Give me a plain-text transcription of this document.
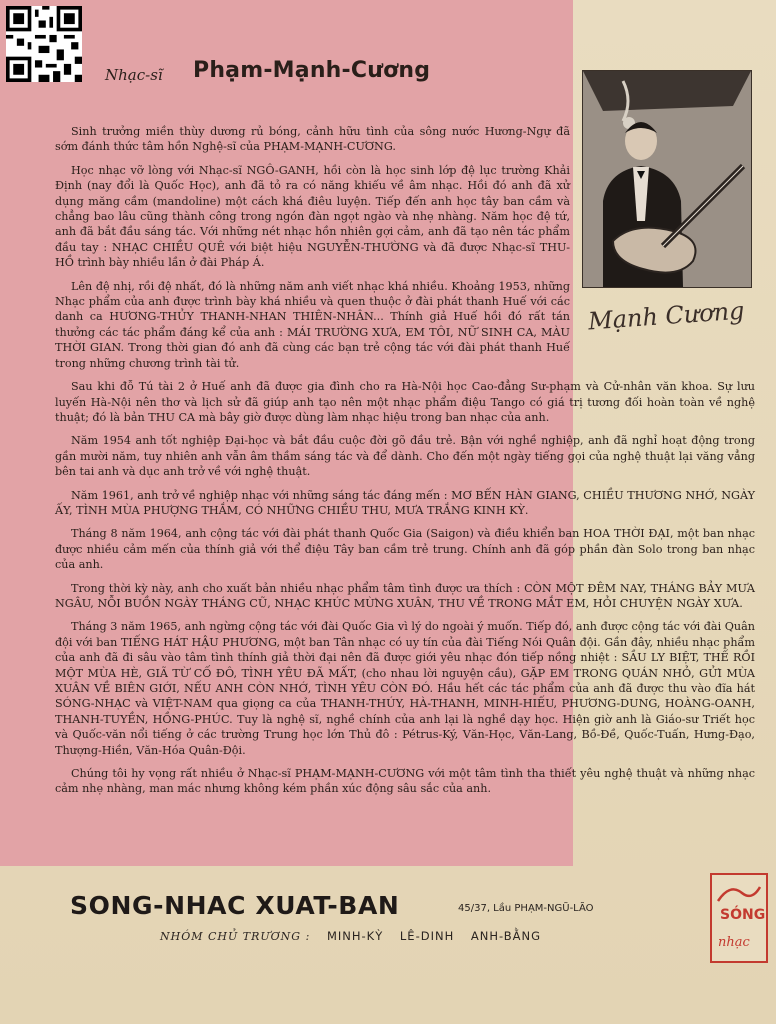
Nhạc-sĩ Phạm-Mạnh-Cương
Mạnh Cương

Sinh trưởng miền thùy dương rủ bóng, cảnh hữu tình của sông nước Hương-Ngự đã sớm đánh thức tâm hồn Nghệ-sĩ của PHẠM-MẠNH-CƯƠNG.

Học nhạc vỡ lòng với Nhạc-sĩ NGÔ-GANH, hồi còn là học sinh lớp đệ lục trường Khải Định (nay đổi là Quốc Học), anh đã tỏ ra có năng khiếu về âm nhạc. Hồi đó anh đã xử dụng măng cầm (mandoline) một cách khá điêu luyện. Tiếp đến anh học tây ban cầm và chẳng bao lâu cũng thành công trong ngón đàn ngọt ngào và nhẹ nhàng. Năm học đệ tứ, anh đã bắt đầu sáng tác. Với những nét nhạc hồn nhiên gợi cảm, anh đã tạo nên tác phẩm đầu tay : NHẠC CHIỀU QUÊ với biệt hiệu NGUYỄN-THƯỜNG và đã được Nhạc-sĩ THU-HỒ trình bày nhiều lần ở đài Pháp Á.

Lên đệ nhị, rồi đệ nhất, đó là những năm anh viết nhạc khá nhiều. Khoảng 1953, những Nhạc phẩm của anh được trình bày khá nhiều và quen thuộc ở đài phát thanh Huế với các danh ca HƯƠNG-THỦY THANH-NHAN THIÊN-NHÂN... Thính giả Huế hồi đó rất tán thưởng các tác phẩm đáng kể của anh : MÁI TRƯỜNG XƯA, EM TÔI, NỮ SINH CA, MÀU THỜI GIAN. Trong thời gian đó anh đã cùng các bạn trẻ cộng tác với đài phát thanh Huế trong những chương trình tài tử.

Sau khi đỗ Tú tài 2 ở Huế anh đã được gia đình cho ra Hà-Nội học Cao-đẳng Sư-phạm và Cử-nhân văn khoa. Sự lưu luyến Hà-Nội nên thơ và lịch sử đã giúp anh tạo nên một nhạc phẩm điệu Tango có giá trị tương đối hoàn toàn về nghệ thuật; đó là bản THU CA mà bây giờ được dùng làm nhạc hiệu trong ban nhạc của anh.

Năm 1954 anh tốt nghiệp Đại-học và bắt đầu cuộc đời gõ đầu trẻ. Bận với nghề nghiệp, anh đã nghỉ hoạt động trong gần mười năm, tuy nhiên anh vẫn âm thầm sáng tác và để dành. Cho đến một ngày tiếng gọi của nghệ thuật lại văng vẳng bên tai anh và dục anh trở về với nghệ thuật.

Năm 1961, anh trở về nghiệp nhạc với những sáng tác đáng mến : MƠ BẾN HÀN GIANG, CHIỀU THƯƠNG NHỚ, NGÀY ẤY, TÌNH MÙA PHƯỢNG THẮM, CÓ NHỮNG CHIỀU THU, MƯA TRẮNG KINH KỲ.

Tháng 8 năm 1964, anh cộng tác với đài phát thanh Quốc Gia (Saigon) và điều khiển ban HOA THỜI ĐẠI, một ban nhạc được nhiều cảm mến của thính giả với thể điệu Tây ban cầm trẻ trung. Chính anh đã góp phần đàn Solo trong ban nhạc của anh.

Trong thời kỳ này, anh cho xuất bản nhiều nhạc phẩm tâm tình được ưa thích : CÒN MỘT ĐÊM NAY, THÁNG BẢY MƯA NGÂU, NỖI BUỒN NGÀY THÁNG CŨ, NHẠC KHÚC MỪNG XUÂN, THU VỀ TRONG MẮT EM, HỎI CHUYỆN NGÀY XƯA.

Tháng 3 năm 1965, anh ngừng cộng tác với đài Quốc Gia vì lý do ngoài ý muốn. Tiếp đó, anh được cộng tác với đài Quân đội với ban TIẾNG HÁT HẬU PHƯƠNG, một ban Tân nhạc có uy tín của đài Tiếng Nói Quân đội. Gần đây, nhiều nhạc phẩm của anh đã đi sâu vào tâm tình thính giả thời đại nên đã được giới yêu nhạc đón tiếp nồng nhiệt : SẦU LY BIỆT, THẾ RỒI MỘT MÙA HÈ, GIÃ TỪ CỐ ĐÔ, TÌNH YÊU ĐÃ MẤT, (cho nhau lời nguyện cầu), GẶP EM TRONG QUÁN NHỎ, GỬI MÙA XUÂN VỀ BIÊN GIỚI, NẾU ANH CÒN NHỚ, TÌNH YÊU CÒN ĐÓ. Hầu hết các tác phẩm của anh đã được thu vào đĩa hát SÓNG-NHẠC và VIỆT-NAM qua giọng ca của THANH-THÚY, HÀ-THANH, MINH-HIẾU, PHƯƠNG-DUNG, HOÀNG-OANH, THANH-TUYỀN, HỒNG-PHÚC. Tuy là nghệ sĩ, nghề chính của anh lại là nghề dạy học. Hiện giờ anh là Giáo-sư Triết học và Quốc-văn nổi tiếng ở các trường Trung học lớn Thủ đô : Pétrus-Ký, Văn-Học, Văn-Lang, Bồ-Đề, Quốc-Tuấn, Hưng-Đạo, Thượng-Hiền, Văn-Hóa Quân-Đội.

Chúng tôi hy vọng rất nhiều ở Nhạc-sĩ PHẠM-MẠNH-CƯƠNG với một tâm tình tha thiết yêu nghệ thuật và những nhạc cảm nhẹ nhàng, man mác nhưng không kém phần xúc động sâu sắc của anh.

SONG-NHAC XUAT-BAN	45/37, Lầu PHẠM-NGŨ-LÃO
NHÓM CHỦ TRƯƠNG : MINH-KỲ LÊ-DINH ANH-BẰNG
SÓNG
nhạc
